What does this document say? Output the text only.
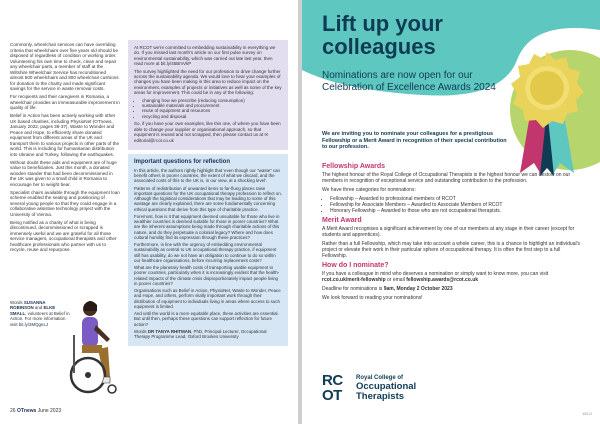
Commonly, wheelchair services can have overriding criteria that wheelchairs over five years old should be disposed of regardless of condition or working order. Volunteering his own time to check, clean and repair any wheelchair parts, a member of staff at the Wiltshire Wheelchair Service has reconditioned almost 500 wheelchairs and 800 wheelchair cushions for donation to the charity and made significant savings for the service in waste removal costs.

For recipients and their caregivers in Romania, a wheelchair provides an immeasurable improvement in quality of life.

Belief in Action has been actively working with other UK based charities, including PhysioNet (OTnews, January 2022, pages 36-37), Waste to Wonder and Peace and Hope, to efficiently share donated equipment from different areas of the UK and transport them to various projects in other parts of the world. This is including for humanitarian distribution into Ukraine and Turkey, following the earthquakes.

Without doubt these aids and equipment are of huge value to beneficiaries. Just this month, a donated wooden stander that had been decommissioned in the UK was given to a small child in Romania to encourage her to weight bear.

Specialist chairs available through the equipment loan scheme enabled the seating and positioning of several young people so that they could engage in a collaborative assistive technology project with the University of Vienna.

Being notified as a charity of what is being discontinued, decommissioned or scrapped is immensely useful and we are grateful for all those service managers, occupational therapists and other healthcare professionals who partner with us to recycle, reuse and repurpose.

Words SUSANNA ROBINSON and ELKE SMALL, volunteers at Belief in Action. For more information visit bit.ly/3MQgeLJ

At RCOT we're committed to embedding sustainability in everything we do. If you missed last month's article on our first pulse survey on environmental sustainability, which was carried out late last year, then read more at bit.ly/45BmVkP

The survey highlighted the need for our profession to drive change further across the sustainability agenda. We would love to hear your examples of changes you have been making in this area to reduce impact on the environment, examples of projects or initiatives as well as some of the key areas for improvement. This could be in any of the following:

• changing how we prescribe (reducing consumption)
• sustainable materials and procurement
• reuse of equipment and resources
• recycling and disposal.

So, if you have your own examples, like this one, of where you have been able to change your supplier or organisational approach, so that equipment is reused and not scrapped, then please contact us at ✉ editorial@rcot.co.uk

Important questions for reflection

In this article, the authors rightly highlight that 'even though our "waste" can benefit others in poorer countries, the extent of what we discard, and the associated costs of this to the UK is, in our view, at a shocking level'.

Patterns of redistribution of unwanted items to far-flung places raise important questions for the UK occupational therapy profession to reflect on. Although the logistical considerations that may be leading to some of this wastage are clearly explained, there are some fundamentally concerning ethical questions that derive from this type of charitable practice.

Foremost, how is it that equipment deemed unsuitable for those who live in wealthier countries is deemed suitable for those in poorer countries? What are the inherent assumptions being made through charitable actions of this nature, and do they perpetuate a colonial legacy? Where and how does cultural humility find its expression through these practices?

Furthermore, in line with the urgency of embedding environmental sustainability as central to UK occupational therapy practice, if equipment still has usability, do we not have an obligation to continue to do so within our healthcare organisations, before incurring replacement costs?

What are the planetary health costs of transporting usable equipment to poorer countries, particularly when it is increasingly evident that the health-related impacts of the climate crisis disproportionately impact people living in poorer countries?

Organisations such as Belief in Action, PhysioNet, Waste to Wonder, Peace and Hope, and others, perform vitally important work through their distribution of equipment to individuals living in areas where access to such equipment is limited.

And until the world is a more equitable place, these activities are essential. But until then, perhaps these questions can support reflection for future action?

Words DR TANYA RHITMAN, PhD, Principal Lecturer, Occupational Therapy Programme Lead, Oxford Brookes University

26 OTnews June 2023
Lift up your colleagues
Nominations are now open for our Celebration of Excellence Awards 2024
We are inviting you to nominate your colleagues for a prestigious Fellowship or a Merit Award in recognition of their special contribution to our profession.
Fellowship Awards

The highest honour of the Royal College of Occupational Therapists is the highest honour we can bestow on our members in recognition of exceptional service and outstanding contribution to the profession.

We have three categories for nominations:

• Fellowship – Awarded to professional members of RCOT
• Fellowship for Associate Members – Awarded to Associate Members of RCOT
• Honorary Fellowship – Awarded to those who are not occupational therapists.
Merit Award

A Merit Award recognises a significant achievement by one of our members at any stage in their career (except for students and apprentices).

Rather than a full Fellowship, which may take into account a whole career, this is a chance to highlight an individual's project or elevate their work in their particular sphere of occupational therapy. It is often the first step to a full Fellowship.

How do I nominate?

If you have a colleague in mind who deserves a nomination or simply want to know more, you can visit rcot.co.uk/merit-fellowship or email fellowship.awards@rcot.co.uk

Deadline for nominations is 9am, Monday 2 October 2023

We look forward to reading your nominations!

RC
OT
Royal College of
Occupational
Therapists
45013
